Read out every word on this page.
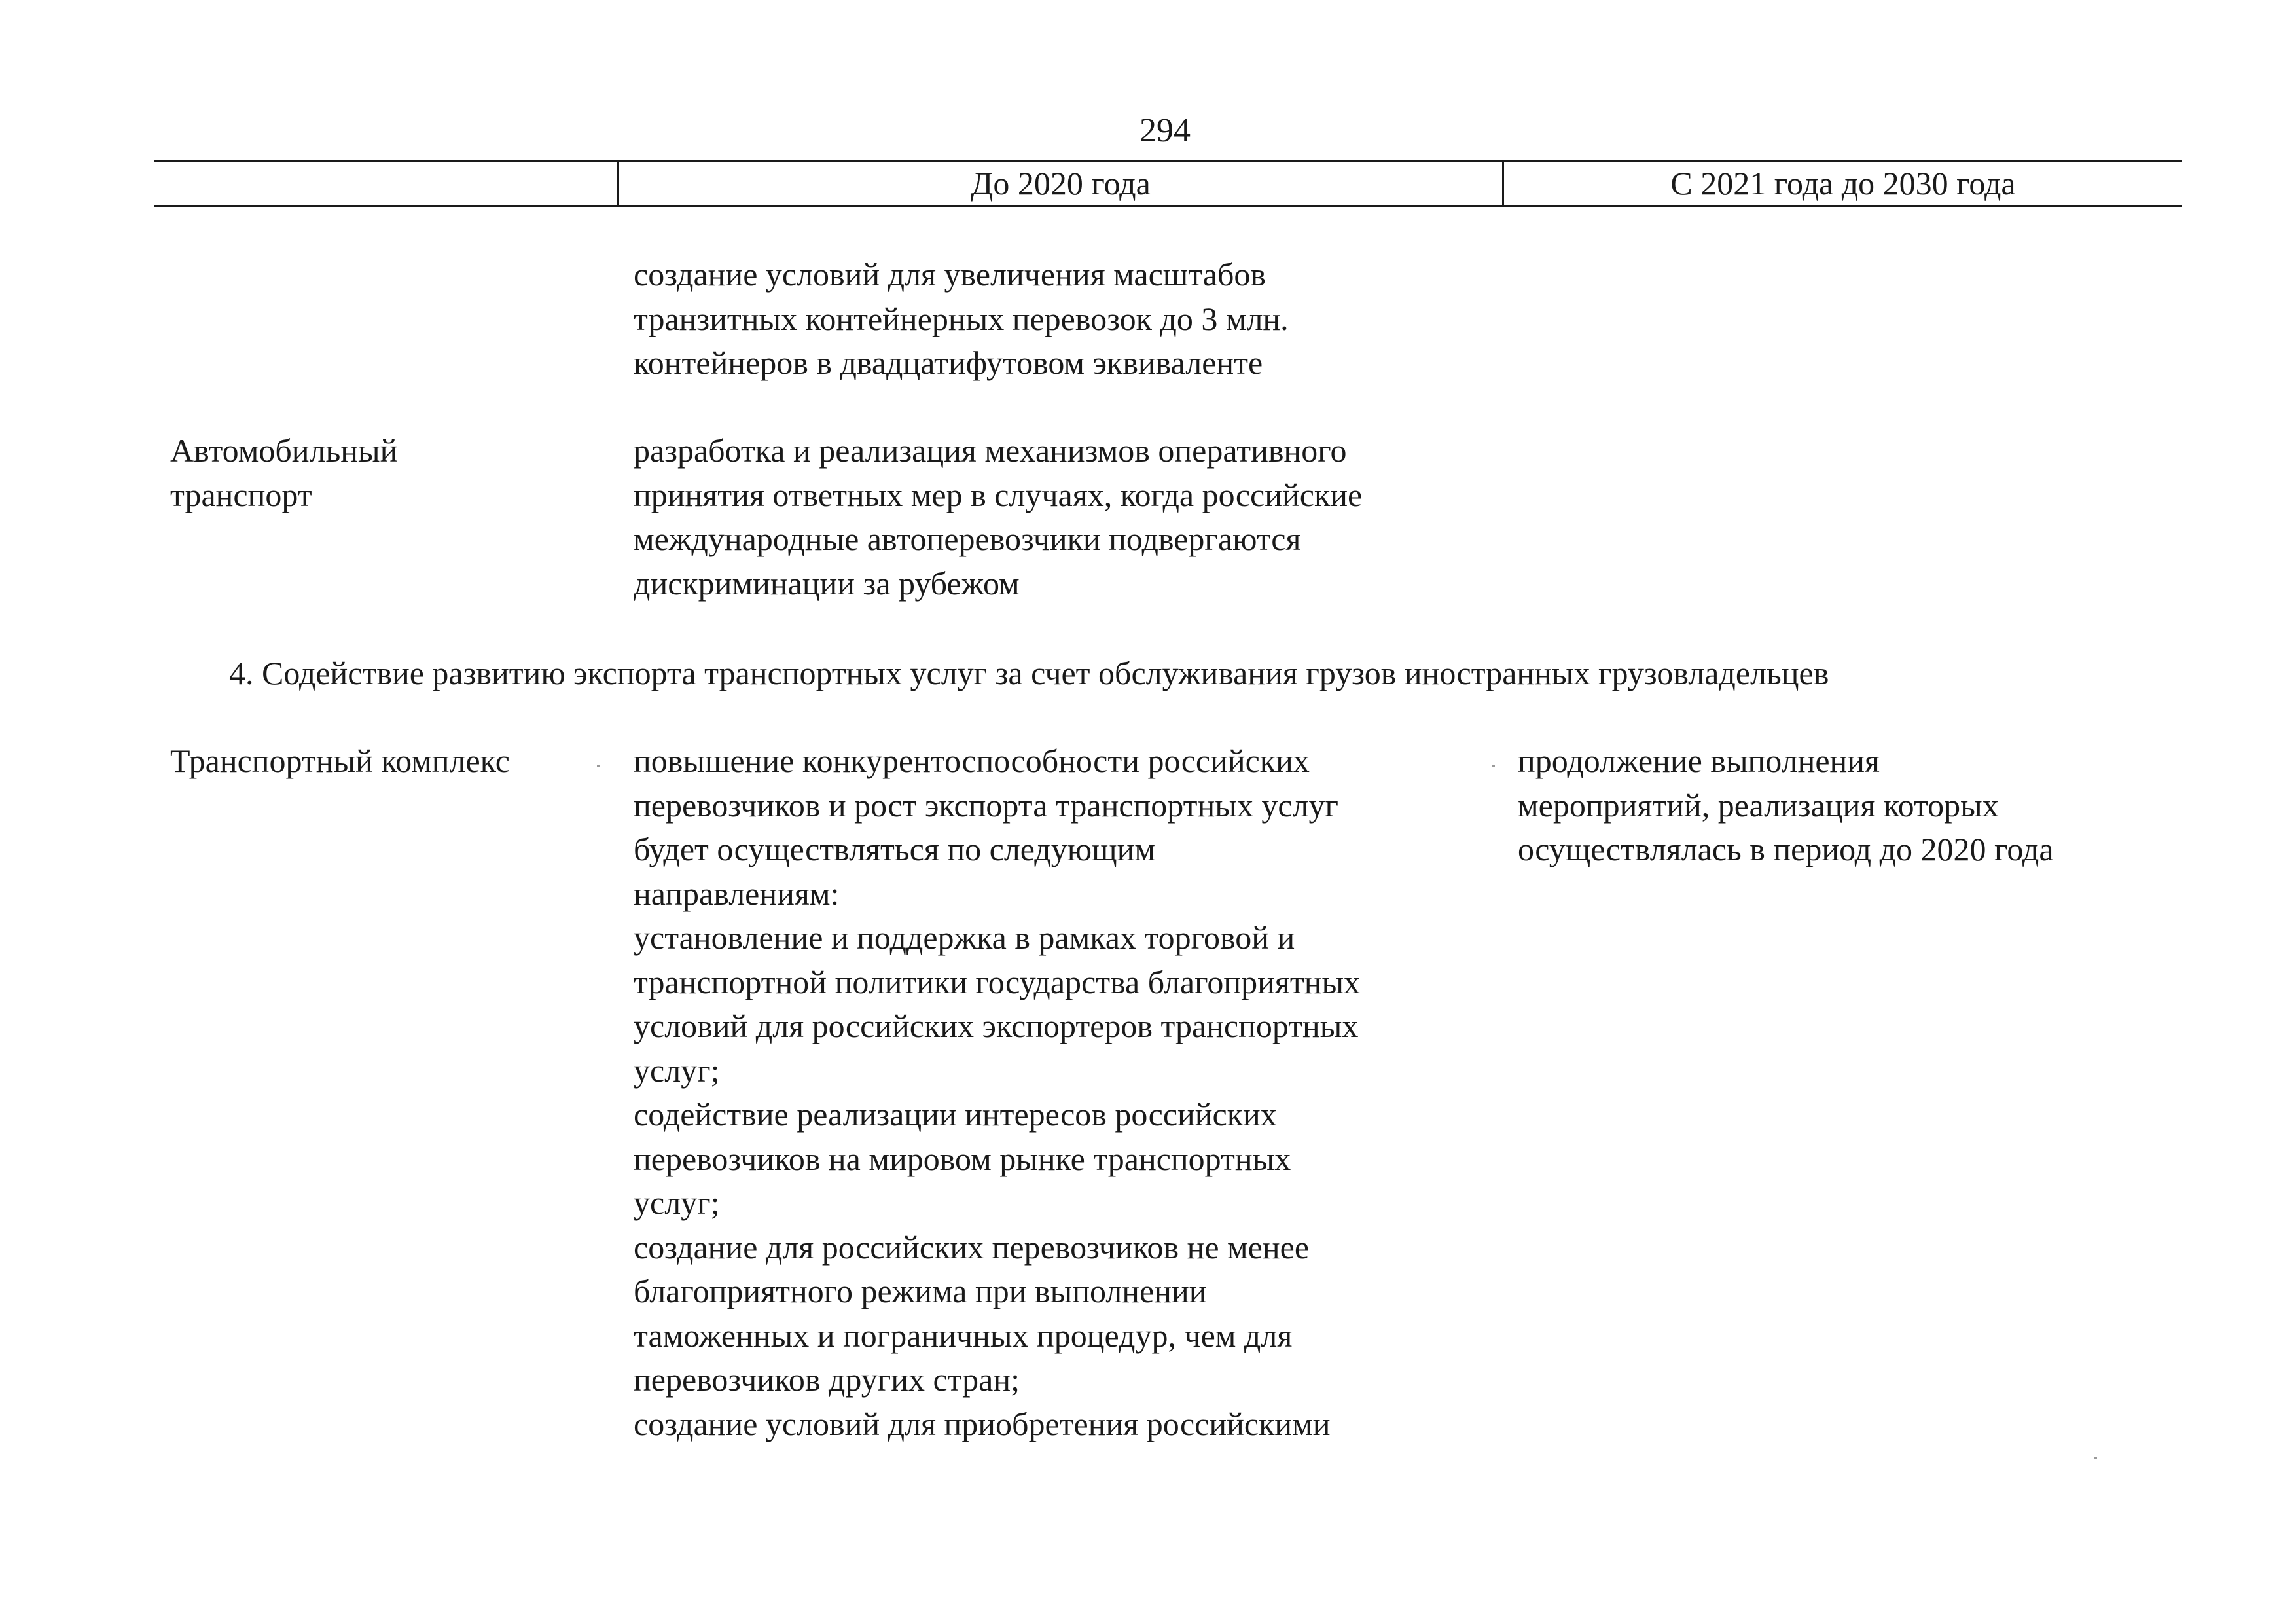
294
До 2020 года	С 2021 года до 2030 года
создание условий для увеличения масштабов
транзитных контейнерных перевозок до 3 млн.
контейнеров в двадцатифутовом эквиваленте
Автомобильный
транспорт
разработка и реализация механизмов оперативного
принятия ответных мер в случаях, когда российские
международные автоперевозчики подвергаются
дискриминации за рубежом
4. Содействие развитию экспорта транспортных услуг за счет обслуживания грузов иностранных грузовладельцев
Транспортный комплекс	повышение конкурентоспособности российских
перевозчиков и рост экспорта транспортных услуг
будет осуществляться по следующим
направлениям:
установление и поддержка в рамках торговой и
транспортной политики государства благоприятных
условий для российских экспортеров транспортных
услуг;
содействие реализации интересов российских
перевозчиков на мировом рынке транспортных
услуг;
создание для российских перевозчиков не менее
благоприятного режима при выполнении
таможенных и пограничных процедур, чем для
перевозчиков других стран;
создание условий для приобретения российскими
продолжение выполнения
мероприятий, реализация которых
осуществлялась в период до 2020 года
